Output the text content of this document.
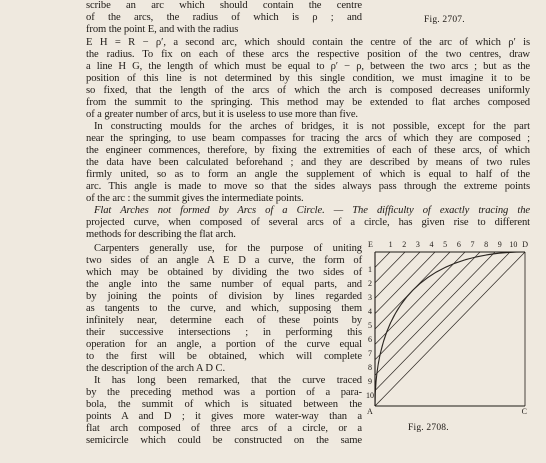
scribe an arc which should contain the centre
of the arcs, the radius of which is ρ ; and
from the point E, and with the radius
Fig. 2707.
E H = R − ρ′, a second arc, which should contain the centre of the arc of which ρ′ is
the radius. To fix on each of these arcs the respective position of the two centres, draw
a line H G, the length of which must be equal to ρ′ − ρ, between the two arcs ; but as the
position of this line is not determined by this single condition, we must imagine it to be
so fixed, that the length of the arcs of which the arch is composed decreases uniformly
from the summit to the springing. This method may be extended to flat arches composed
of a greater number of arcs, but it is useless to use more than five.
In constructing moulds for the arches of bridges, it is not possible, except for the part
near the springing, to use beam compasses for tracing the arcs of which they are composed ;
the engineer commences, therefore, by fixing the extremities of each of these arcs, of which
the data have been calculated beforehand ; and they are described by means of two rules
firmly united, so as to form an angle the supplement of which is equal to half of the
arc. This angle is made to move so that the sides always pass through the extreme points
of the arc : the summit gives the intermediate points.
Flat Arches not formed by Arcs of a Circle. — The difficulty of exactly tracing the
projected curve, when composed of several arcs of a circle, has given rise to different
methods for describing the flat arch.
Carpenters generally use, for the purpose of uniting
two sides of an angle A E D a curve, the form of
which may be obtained by dividing the two sides of
the angle into the same number of equal parts, and
by joining the points of division by lines regarded
as tangents to the curve, and which, supposing them
infinitely near, determine each of these points by
their successive intersections ; in performing this
operation for an angle, a portion of the curve equal
to the first will be obtained, which will complete
the description of the arch A D C.
It has long been remarked, that the curve traced
by the preceding method was a portion of a para-
bola, the summit of which is situated between the
points A and D ; it gives more water-way than a
flat arch composed of three arcs of a circle, or a
semicircle which could be constructed on the same
1 2 3 4 5 6 7 8 9 10
1
2
3
4
5
6
7
8
9
10
E	D
A	C
Fig. 2708.
